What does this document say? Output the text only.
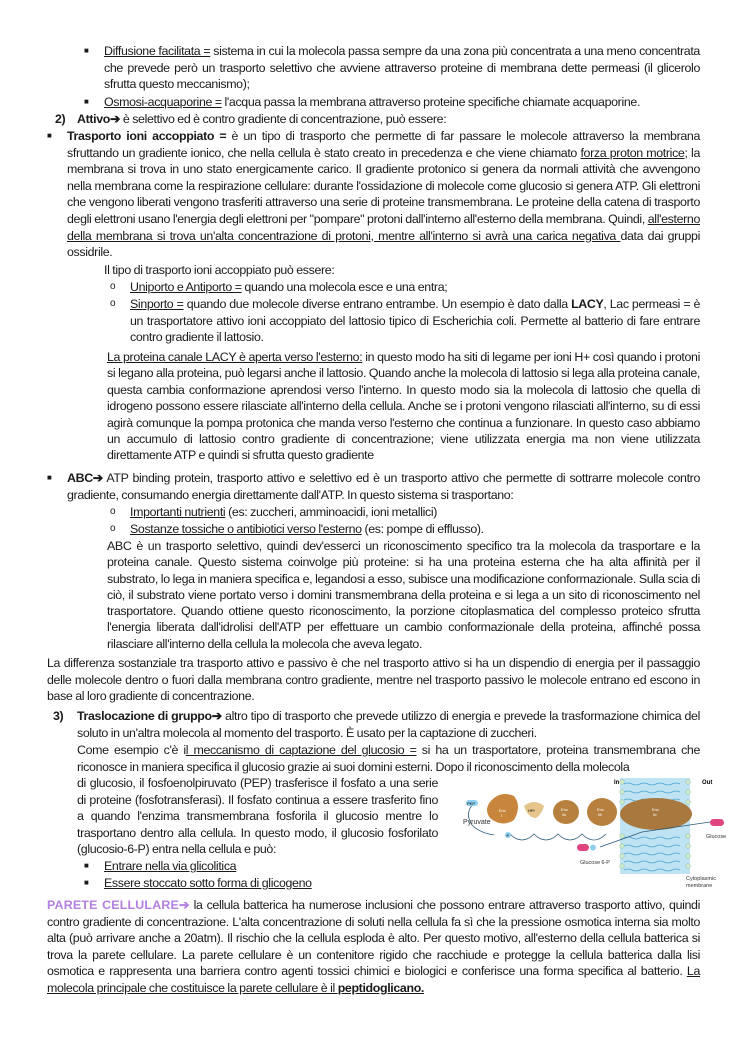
■ Diffusione facilitata = sistema in cui la molecola passa sempre da una zona più concentrata a una meno concentrata che prevede però un trasporto selettivo che avviene attraverso proteine di membrana dette permeasi (il glicerolo sfrutta questo meccanismo);
■ Osmosi-acquaporine = l'acqua passa la membrana attraverso proteine specifiche chiamate acquaporine.
2) Attivo➔ è selettivo ed è contro gradiente di concentrazione, può essere:
■ Trasporto ioni accoppiato = è un tipo di trasporto che permette di far passare le molecole attraverso la membrana sfruttando un gradiente ionico, che nella cellula è stato creato in precedenza e che viene chiamato forza proton motrice; la membrana si trova in uno stato energicamente carico. Il gradiente protonico si genera da normali attività che avvengono nella membrana come la respirazione cellulare: durante l'ossidazione di molecole come glucosio si genera ATP. Gli elettroni che vengono liberati vengono trasferiti attraverso una serie di proteine transmembrana. Le proteine della catena di trasporto degli elettroni usano l'energia degli elettroni per "pompare" protoni dall'interno all'esterno della membrana. Quindi, all'esterno della membrana si trova un'alta concentrazione di protoni, mentre all'interno si avrà una carica negativa data dai gruppi ossidrile.
Il tipo di trasporto ioni accoppiato può essere:
o Uniporto e Antiporto = quando una molecola esce e una entra;
o Sinporto = quando due molecole diverse entrano entrambe. Un esempio è dato dalla LACY, Lac permeasi = è un trasportatore attivo ioni accoppiato del lattosio tipico di Escherichia coli. Permette al batterio di fare entrare contro gradiente il lattosio.
La proteina canale LACY è aperta verso l'esterno: in questo modo ha siti di legame per ioni H+ così quando i protoni si legano alla proteina, può legarsi anche il lattosio. Quando anche la molecola di lattosio si lega alla proteina canale, questa cambia conformazione aprendosi verso l'interno. In questo modo sia la molecola di lattosio che quella di idrogeno possono essere rilasciate all'interno della cellula. Anche se i protoni vengono rilasciati all'interno, su di essi agirà comunque la pompa protonica che manda verso l'esterno che continua a funzionare. In questo caso abbiamo un accumulo di lattosio contro gradiente di concentrazione; viene utilizzata energia ma non viene utilizzata direttamente ATP e quindi si sfrutta questo gradiente
■ ABC➔ ATP binding protein, trasporto attivo e selettivo ed è un trasporto attivo che permette di sottrarre molecole contro gradiente, consumando energia direttamente dall'ATP. In questo sistema si trasportano:
o Importanti nutrienti (es: zuccheri, amminoacidi, ioni metallici)
o Sostanze tossiche o antibiotici verso l'esterno (es: pompe di efflusso).
ABC è un trasporto selettivo, quindi dev'esserci un riconoscimento specifico tra la molecola da trasportare e la proteina canale. Questo sistema coinvolge più proteine: si ha una proteina esterna che ha alta affinità per il substrato, lo lega in maniera specifica e, legandosi a esso, subisce una modificazione conformazionale. Sulla scia di ciò, il substrato viene portato verso i domini transmembrana della proteina e si lega a un sito di riconoscimento nel trasportatore. Quando ottiene questo riconoscimento, la porzione citoplasmatica del complesso proteico sfrutta l'energia liberata dall'idrolisi dell'ATP per effettuare un cambio conformazionale della proteina, affinché possa rilasciare all'interno della cellula la molecola che aveva legato.
La differenza sostanziale tra trasporto attivo e passivo è che nel trasporto attivo si ha un dispendio di energia per il passaggio delle molecole dentro o fuori dalla membrana contro gradiente, mentre nel trasporto passivo le molecole entrano ed escono in base al loro gradiente di concentrazione.
3) Traslocazione di gruppo➔ altro tipo di trasporto che prevede utilizzo di energia e prevede la trasformazione chimica del soluto in un'altra molecola al momento del trasporto. È usato per la captazione di zuccheri.
Come esempio c'è il meccanismo di captazione del glucosio = si ha un trasportatore, proteina transmembrana che riconosce in maniera specifica il glucosio grazie ai suoi domini esterni. Dopo il riconoscimento della molecola
di glucosio, il fosfoenolpiruvato (PEP) trasferisce il fosfato a una serie di proteine (fosfotransferasi). Il fosfato continua a essere trasferito fino a quando l'enzima transmembrana fosforila il glucosio mentre lo trasportano dentro alla cellula. In questo modo, il glucosio fosforilato (glucosio-6-P) entra nella cellula e può:
■ Entrare nella via glicolitica
■ Essere stoccato sotto forma di glicogeno
In	Out
PEP
Pyruvate
Enz
I
HPr	Enz
IIa
Enz
IIb
Enz
IIc
P	Glucose
Glucose 6-P
Cytoplasmic
membrane
PARETE CELLULARE➔ la cellula batterica ha numerose inclusioni che possono entrare attraverso trasporto attivo, quindi contro gradiente di concentrazione. L'alta concentrazione di soluti nella cellula fa sì che la pressione osmotica interna sia molto alta (può arrivare anche a 20atm). Il rischio che la cellula esploda è alto. Per questo motivo, all'esterno della cellula batterica si trova la parete cellulare. La parete cellulare è un contenitore rigido che racchiude e protegge la cellula batterica dalla lisi osmotica e rappresenta una barriera contro agenti tossici chimici e biologici e conferisce una forma specifica al batterio. La molecola principale che costituisce la parete cellulare è il peptidoglicano.
